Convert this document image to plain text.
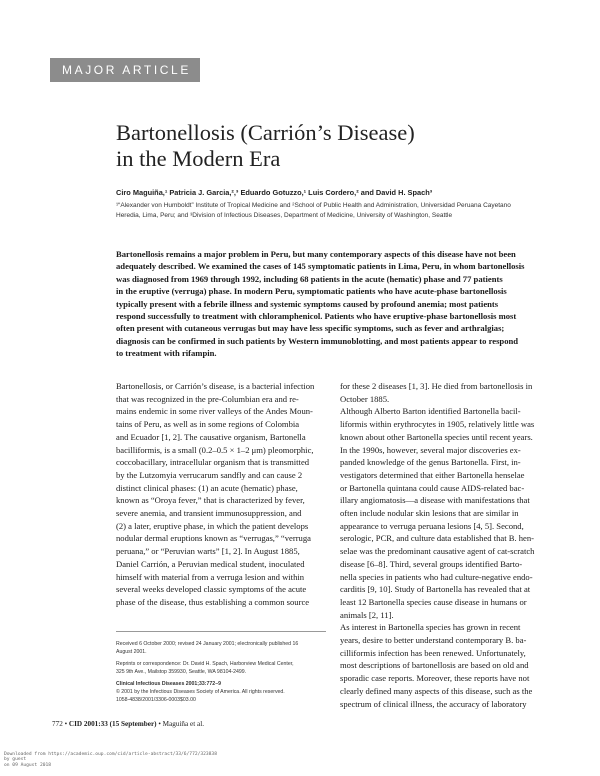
MAJOR ARTICLE
Bartonellosis (Carrión’s Disease)
in the Modern Era
Ciro Maguiña,¹ Patricia J. Garcia,²,³ Eduardo Gotuzzo,¹ Luis Cordero,² and David H. Spach³
¹“Alexander von Humboldt” Institute of Tropical Medicine and ²School of Public Health and Administration, Universidad Peruana Cayetano
Heredia, Lima, Peru; and ³Division of Infectious Diseases, Department of Medicine, University of Washington, Seattle
Bartonellosis remains a major problem in Peru, but many contemporary aspects of this disease have not been
adequately described. We examined the cases of 145 symptomatic patients in Lima, Peru, in whom bartonellosis
was diagnosed from 1969 through 1992, including 68 patients in the acute (hematic) phase and 77 patients
in the eruptive (verruga) phase. In modern Peru, symptomatic patients who have acute-phase bartonellosis
typically present with a febrile illness and systemic symptoms caused by profound anemia; most patients
respond successfully to treatment with chloramphenicol. Patients who have eruptive-phase bartonellosis most
often present with cutaneous verrugas but may have less specific symptoms, such as fever and arthralgias;
diagnosis can be confirmed in such patients by Western immunoblotting, and most patients appear to respond
to treatment with rifampin.
Bartonellosis, or Carrión’s disease, is a bacterial infection
that was recognized in the pre-Columbian era and re-
mains endemic in some river valleys of the Andes Moun-
tains of Peru, as well as in some regions of Colombia
and Ecuador [1, 2]. The causative organism, Bartonella
bacilliformis, is a small (0.2–0.5 × 1–2 μm) pleomorphic,
coccobacillary, intracellular organism that is transmitted
by the Lutzomyia verrucarum sandfly and can cause 2
distinct clinical phases: (1) an acute (hematic) phase,
known as “Oroya fever,” that is characterized by fever,
severe anemia, and transient immunosuppression, and
(2) a later, eruptive phase, in which the patient develops
nodular dermal eruptions known as “verrugas,” “verruga
peruana,” or “Peruvian warts” [1, 2]. In August 1885,
Daniel Carrión, a Peruvian medical student, inoculated
himself with material from a verruga lesion and within
several weeks developed classic symptoms of the acute
phase of the disease, thus establishing a common source
for these 2 diseases [1, 3]. He died from bartonellosis in
October 1885.
Although Alberto Barton identified Bartonella bacil-
liformis within erythrocytes in 1905, relatively little was
known about other Bartonella species until recent years.
In the 1990s, however, several major discoveries ex-
panded knowledge of the genus Bartonella. First, in-
vestigators determined that either Bartonella henselae
or Bartonella quintana could cause AIDS-related bac-
illary angiomatosis—a disease with manifestations that
often include nodular skin lesions that are similar in
appearance to verruga peruana lesions [4, 5]. Second,
serologic, PCR, and culture data established that B. hen-
selae was the predominant causative agent of cat-scratch
disease [6–8]. Third, several groups identified Barto-
nella species in patients who had culture-negative endo-
carditis [9, 10]. Study of Bartonella has revealed that at
least 12 Bartonella species cause disease in humans or
animals [2, 11].
As interest in Bartonella species has grown in recent
years, desire to better understand contemporary B. ba-
cilliformis infection has been renewed. Unfortunately,
most descriptions of bartonellosis are based on old and
sporadic case reports. Moreover, these reports have not
clearly defined many aspects of this disease, such as the
spectrum of clinical illness, the accuracy of laboratory
Received 6 October 2000; revised 24 January 2001; electronically published 16
August 2001.
Reprints or correspondence: Dr. David H. Spach, Harborview Medical Center,
325 9th Ave., Mailstop 359930, Seattle, WA 98104-2499.
Clinical Infectious Diseases 2001;33:772–9
© 2001 by the Infectious Diseases Society of America. All rights reserved.
1058-4838/2001/3306-0003$03.00
772 • CID 2001:33 (15 September) • Maguiña et al.
Downloaded from https://academic.oup.com/cid/article-abstract/33/6/772/323838
by guest
on 09 August 2018
